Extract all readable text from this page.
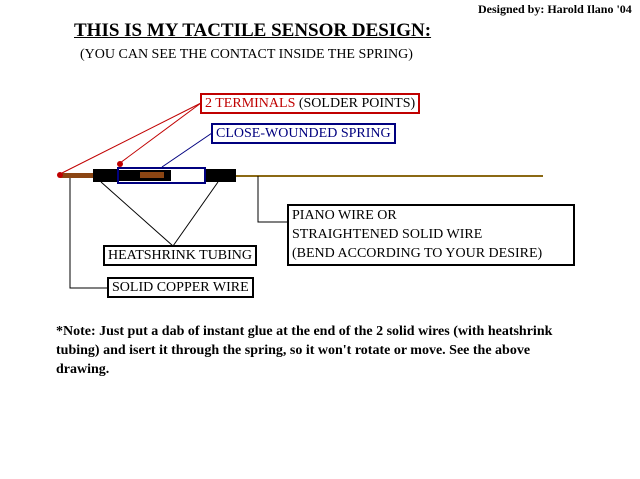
Designed by: Harold Ilano '04
THIS IS MY TACTILE SENSOR DESIGN:
(YOU CAN SEE THE CONTACT INSIDE THE SPRING)
2 TERMINALS (SOLDER POINTS)
CLOSE-WOUNDED SPRING
PIANO WIRE OR
STRAIGHTENED SOLID WIRE
(BEND ACCORDING TO YOUR DESIRE)
HEATSHRINK TUBING
SOLID COPPER WIRE
*Note: Just put a dab of instant glue at the end of the 2 solid wires (with heatshrink tubing) and isert it through the spring, so it won't rotate or move. See the above drawing.
